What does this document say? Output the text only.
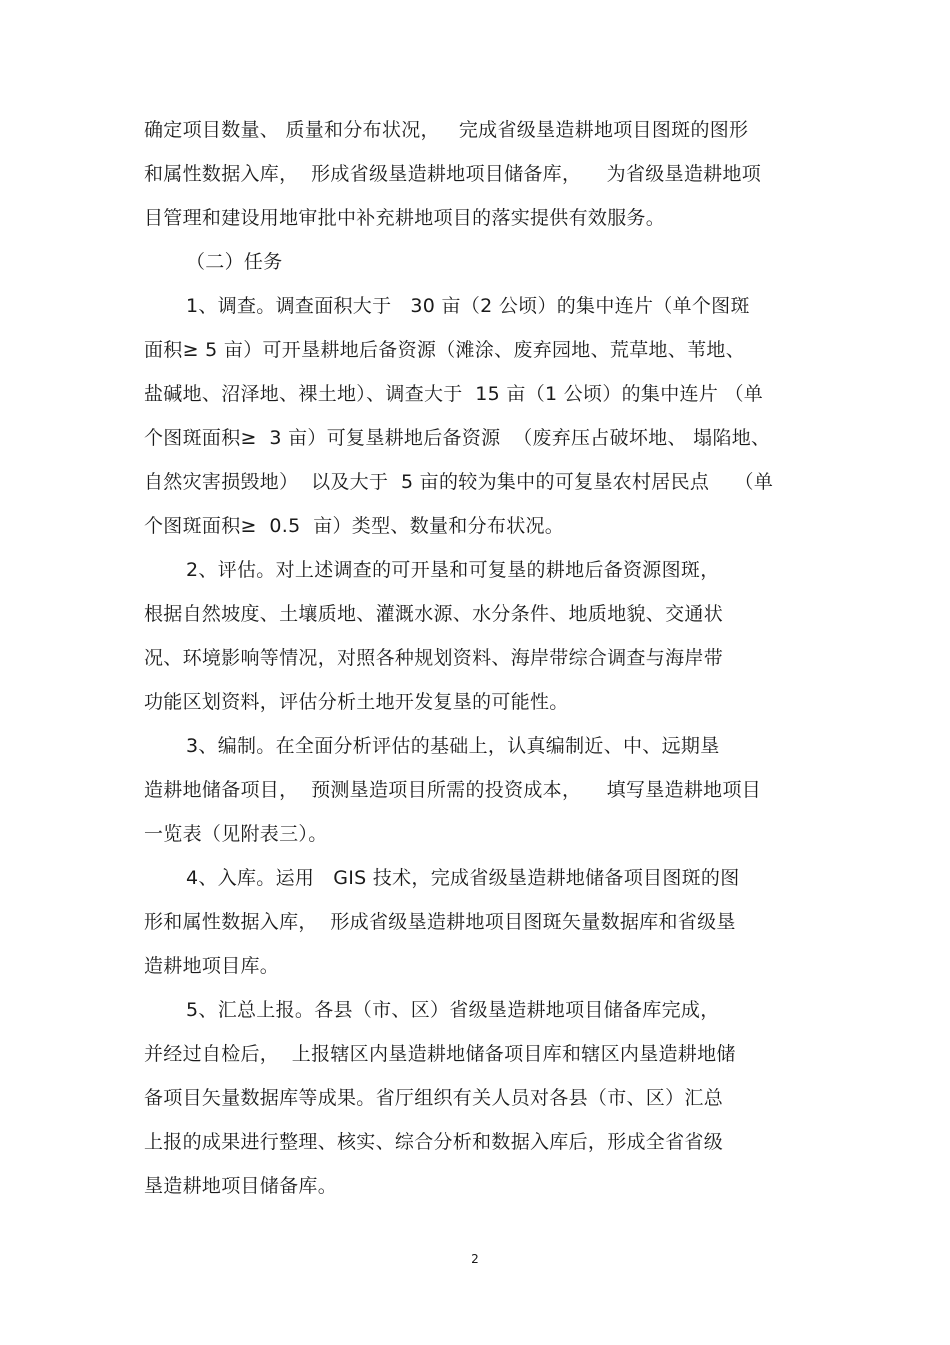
确定项目数量、 质量和分布状况，   完成省级垦造耕地项目图斑的图形
和属性数据入库，  形成省级垦造耕地项目储备库，    为省级垦造耕地项
目管理和建设用地审批中补充耕地项目的落实提供有效服务。
（二）任务
1、调查。调查面积大于   30 亩（2 公顷）的集中连片（单个图斑
面积≥ 5 亩）可开垦耕地后备资源（滩涂、废弃园地、荒草地、苇地、
盐碱地、沼泽地、裸土地）、调查大于  15 亩（1 公顷）的集中连片 （单
个图斑面积≥  3 亩）可复垦耕地后备资源  （废弃压占破坏地、 塌陷地、
自然灾害损毁地）  以及大于  5 亩的较为集中的可复垦农村居民点    （单
个图斑面积≥  0.5  亩）类型、数量和分布状况。
2、评估。对上述调查的可开垦和可复垦的耕地后备资源图斑，
根据自然坡度、土壤质地、灌溉水源、水分条件、地质地貌、交通状
况、环境影响等情况，对照各种规划资料、海岸带综合调查与海岸带
功能区划资料，评估分析土地开发复垦的可能性。
3、编制。在全面分析评估的基础上，认真编制近、中、远期垦
造耕地储备项目，  预测垦造项目所需的投资成本，    填写垦造耕地项目
一览表（见附表三）。
4、入库。运用   GIS 技术，完成省级垦造耕地储备项目图斑的图
形和属性数据入库，  形成省级垦造耕地项目图斑矢量数据库和省级垦
造耕地项目库。
5、汇总上报。各县（市、区）省级垦造耕地项目储备库完成，
并经过自检后，  上报辖区内垦造耕地储备项目库和辖区内垦造耕地储
备项目矢量数据库等成果。省厅组织有关人员对各县（市、区）汇总
上报的成果进行整理、核实、综合分析和数据入库后，形成全省省级
垦造耕地项目储备库。
2
